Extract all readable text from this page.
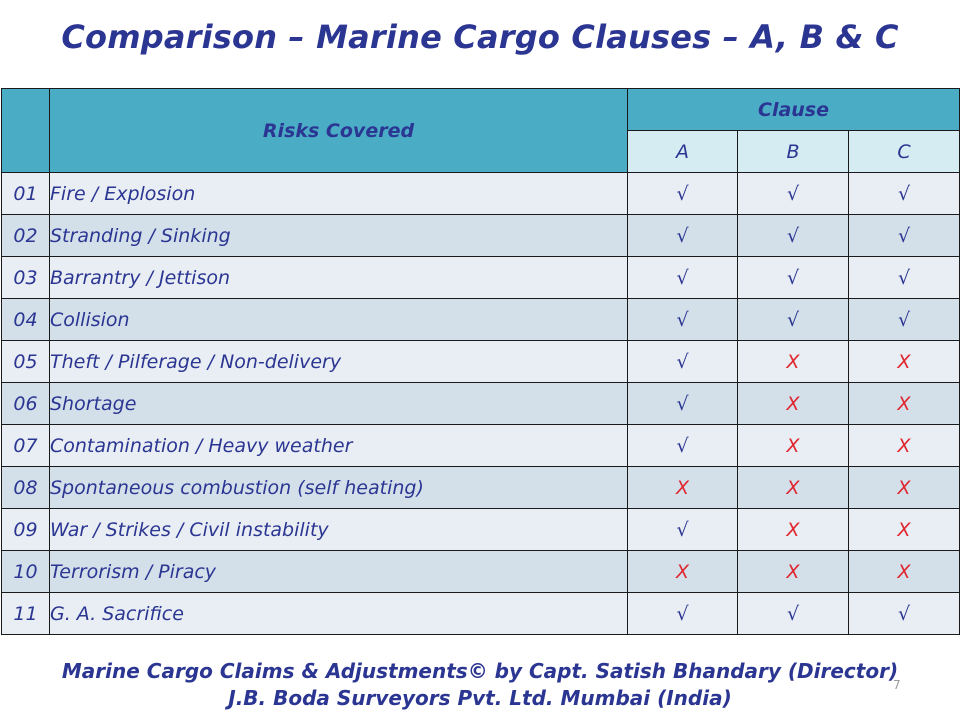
Comparison – Marine Cargo Clauses – A, B & C
	Risks Covered	Clause		
		A	B	C
01	Fire / Explosion	√	√	√
02	Stranding / Sinking	√	√	√
03	Barrantry / Jettison	√	√	√
04	Collision	√	√	√
05	Theft / Pilferage / Non-delivery	√	X	X
06	Shortage	√	X	X
07	Contamination / Heavy weather	√	X	X
08	Spontaneous combustion (self heating)	X	X	X
09	War / Strikes / Civil instability	√	X	X
10	Terrorism / Piracy	X	X	X
11	G. A. Sacrifice	√	√	√
Marine Cargo Claims & Adjustments© by Capt. Satish Bhandary (Director)
J.B. Boda Surveyors Pvt. Ltd. Mumbai (India)
7
